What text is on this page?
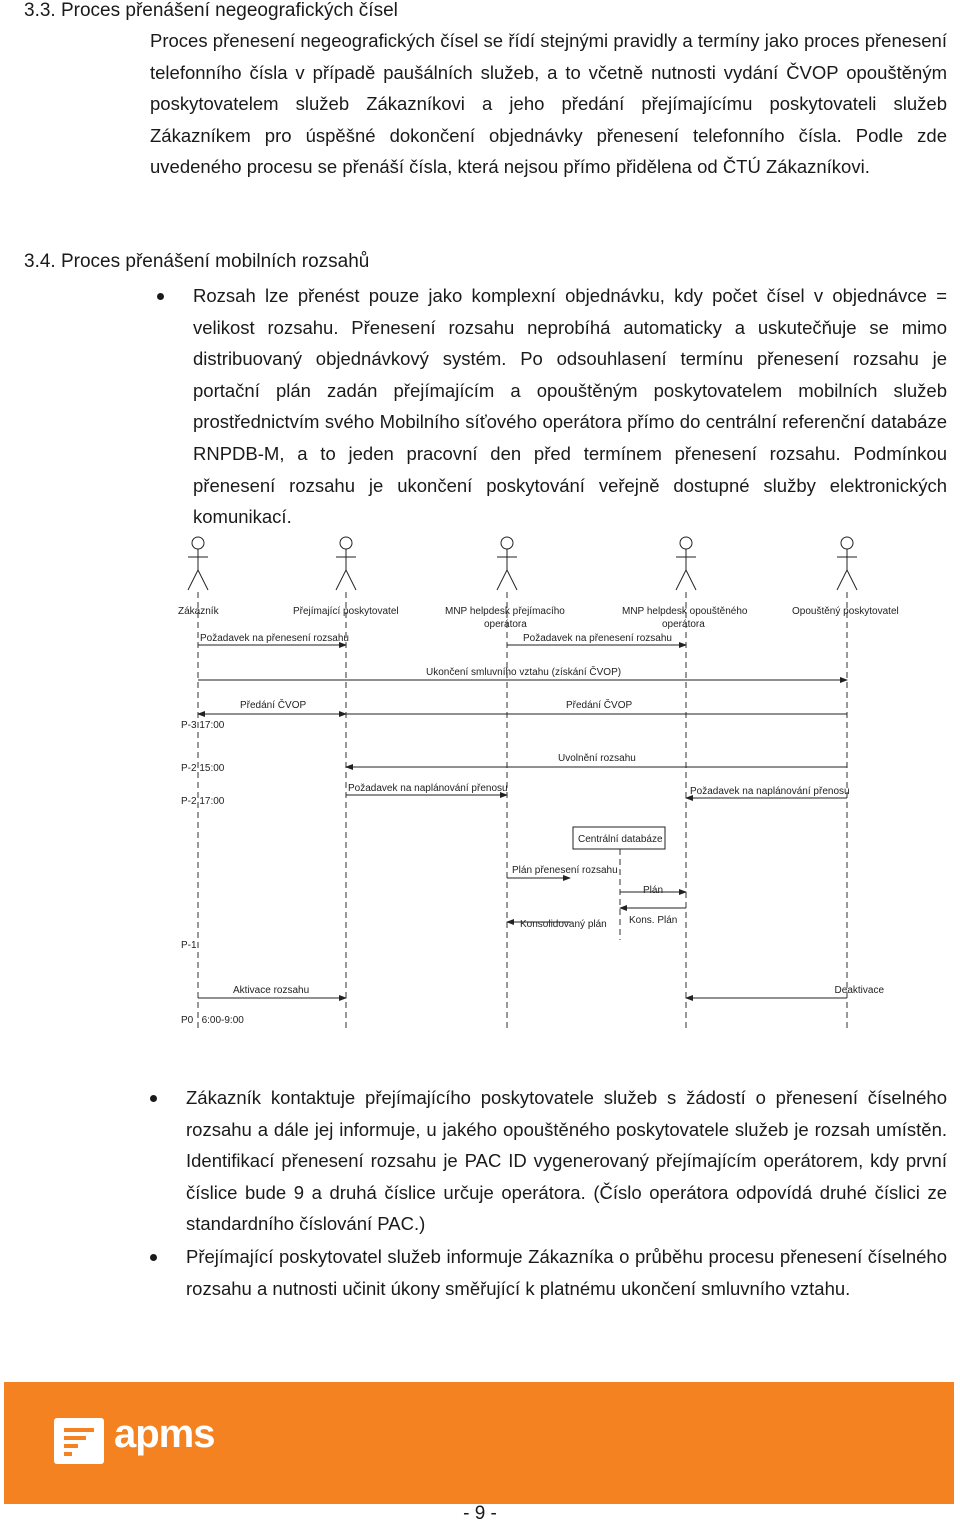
3.3. Proces přenášení negeografických čísel

Proces přenesení negeografických čísel se řídí stejnými pravidly a termíny jako proces přenesení telefonního čísla v případě paušálních služeb, a to včetně nutnosti vydání ČVOP opouštěným poskytovatelem služeb Zákazníkovi a jeho předání přejímajícímu poskytovateli služeb Zákazníkem pro úspěšné dokončení objednávky přenesení telefonního čísla. Podle zde uvedeného procesu se přenáší čísla, která nejsou přímo přidělena od ČTÚ Zákazníkovi.

3.4. Proces přenášení mobilních rozsahů

Rozsah lze přenést pouze jako komplexní objednávku, kdy počet čísel v objednávce = velikost rozsahu. Přenesení rozsahu neprobíhá automaticky a uskutečňuje se mimo distribuovaný objednávkový systém. Po odsouhlasení termínu přenesení rozsahu je portační plán zadán přejímajícím a opouštěným poskytovatelem mobilních služeb prostřednictvím svého Mobilního síťového operátora přímo do centrální referenční databáze RNPDB-M, a to jeden pracovní den před termínem přenesení rozsahu. Podmínkou přenesení rozsahu je ukončení poskytování veřejně dostupné služby elektronických komunikací.

Zákazník	Přejímající poskytovatel	MNP helpdesk přejímacího
operátora
MNP helpdesk opouštěného
operátora
Opouštěný poskytovatel
Požadavek na přenesení rozsahu	Požadavek na přenesení rozsahu
Ukončení smluvního vztahu (získání ČVOP)
Předání ČVOP	Předání ČVOP
Uvolnění rozsahu
Požadavek na naplánování přenosu	Požadavek na naplánování přenosu
Centrální databáze
Plán přenesení rozsahu
Plán
Kons. Plán
Konsolidovaný plán
Aktivace rozsahu	Deaktivace
P-3 17:00
P-2 15:00
P-2 17:00
P-1
P0   6:00-9:00

Zákazník kontaktuje přejímajícího poskytovatele služeb s žádostí o přenesení číselného rozsahu a dále jej informuje, u jakého opouštěného poskytovatele služeb je rozsah umístěn. Identifikací přenesení rozsahu je PAC ID vygenerovaný přejímajícím operátorem, kdy první číslice bude 9 a druhá číslice určuje operátora. (Číslo operátora odpovídá druhé číslici ze standardního číslování PAC.)

Přejímající poskytovatel služeb informuje Zákazníka o průběhu procesu přenesení číselného rozsahu a nutnosti učinit úkony směřující k platnému ukončení smluvního vztahu.

apms
- 9 -
